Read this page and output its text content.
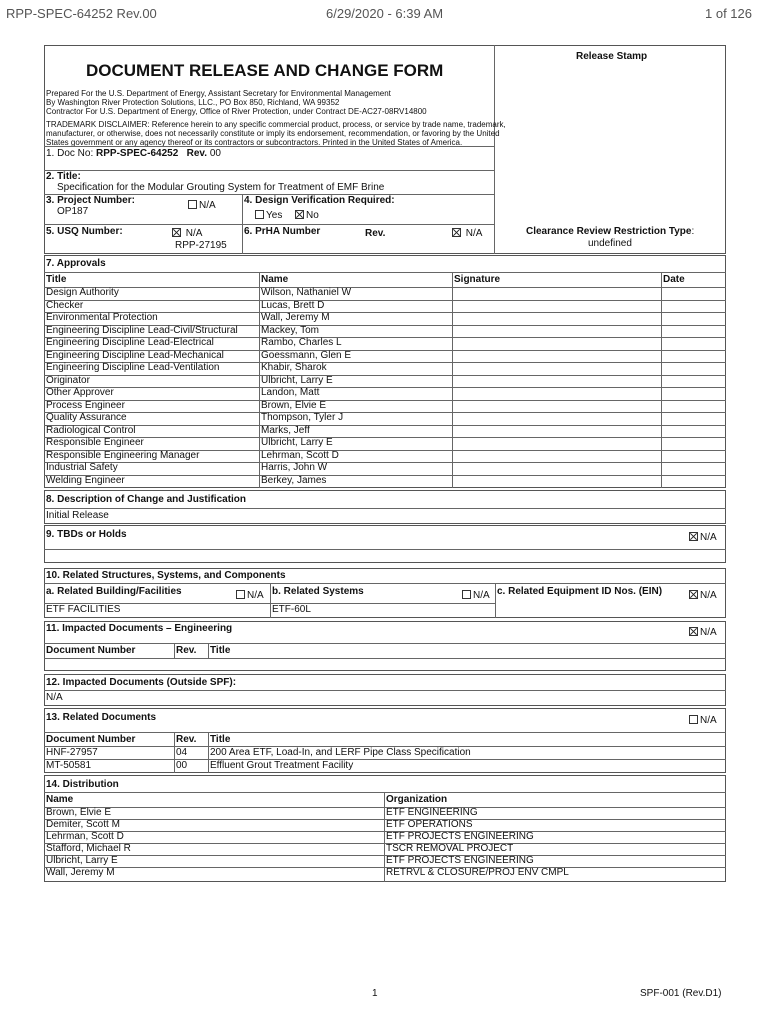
RPP-SPEC-64252 Rev.00	6/29/2020 - 6:39 AM	1 of 126
Release Stamp
DOCUMENT RELEASE AND CHANGE FORM
Prepared For the U.S. Department of Energy, Assistant Secretary for Environmental Management
By Washington River Protection Solutions, LLC., PO Box 850, Richland, WA 99352
Contractor For U.S. Department of Energy, Office of River Protection, under Contract DE-AC27-08RV14800
TRADEMARK DISCLAIMER: Reference herein to any specific commercial product, process, or service by trade name, trademark,
manufacturer, or otherwise, does not necessarily constitute or imply its endorsement, recommendation, or favoring by the United
States government or any agency thereof or its contractors or subcontractors. Printed in the United States of America.
1. Doc No: RPP-SPEC-64252 Rev. 00
2. Title:
Specification for the Modular Grouting System for Treatment of EMF Brine
3. Project Number:	N/A
OP187
4. Design Verification Required:
Yes	No
5. USQ Number:	N/A
RPP-27195
6. PrHA Number	Rev.	N/A	Clearance Review Restriction Type:
undefined
7. Approvals
Title	Name	Signature	Date
Design Authority	Wilson, Nathaniel W
Checker	Lucas, Brett D
Environmental Protection	Wall, Jeremy M
Engineering Discipline Lead-Civil/Structural Mackey, Tom
Engineering Discipline Lead-Electrical	Rambo, Charles L
Engineering Discipline Lead-Mechanical	Goessmann, Glen E
Engineering Discipline Lead-Ventilation	Khabir, Sharok
Originator	Ulbricht, Larry E
Other Approver	Landon, Matt
Process Engineer	Brown, Elvie E
Quality Assurance	Thompson, Tyler J
Radiological Control	Marks, Jeff
Responsible Engineer	Ulbricht, Larry E
Responsible Engineering Manager	Lehrman, Scott D
Industrial Safety	Harris, John W
Welding Engineer	Berkey, James
8. Description of Change and Justification
Initial Release
9. TBDs or Holds	N/A
10. Related Structures, Systems, and Components
a. Related Building/Facilities	N/A b. Related Systems	N/A c. Related Equipment ID Nos. (EIN)	N/A
ETF FACILITIES	ETF-60L
11. Impacted Documents – Engineering	N/A
Document Number	Rev. Title
12. Impacted Documents (Outside SPF):
N/A
13. Related Documents	N/A
Document Number	Rev. Title
HNF-27957	04 200 Area ETF, Load-In, and LERF Pipe Class Specification
MT-50581	00 Effluent Grout Treatment Facility
14. Distribution
Name	Organization
Brown, Elvie E	ETF ENGINEERING
Demiter, Scott M	ETF OPERATIONS
Lehrman, Scott D	ETF PROJECTS ENGINEERING
Stafford, Michael R	TSCR REMOVAL PROJECT
Ulbricht, Larry E	ETF PROJECTS ENGINEERING
Wall, Jeremy M	RETRVL & CLOSURE/PROJ ENV CMPL
1	SPF-001 (Rev.D1)
